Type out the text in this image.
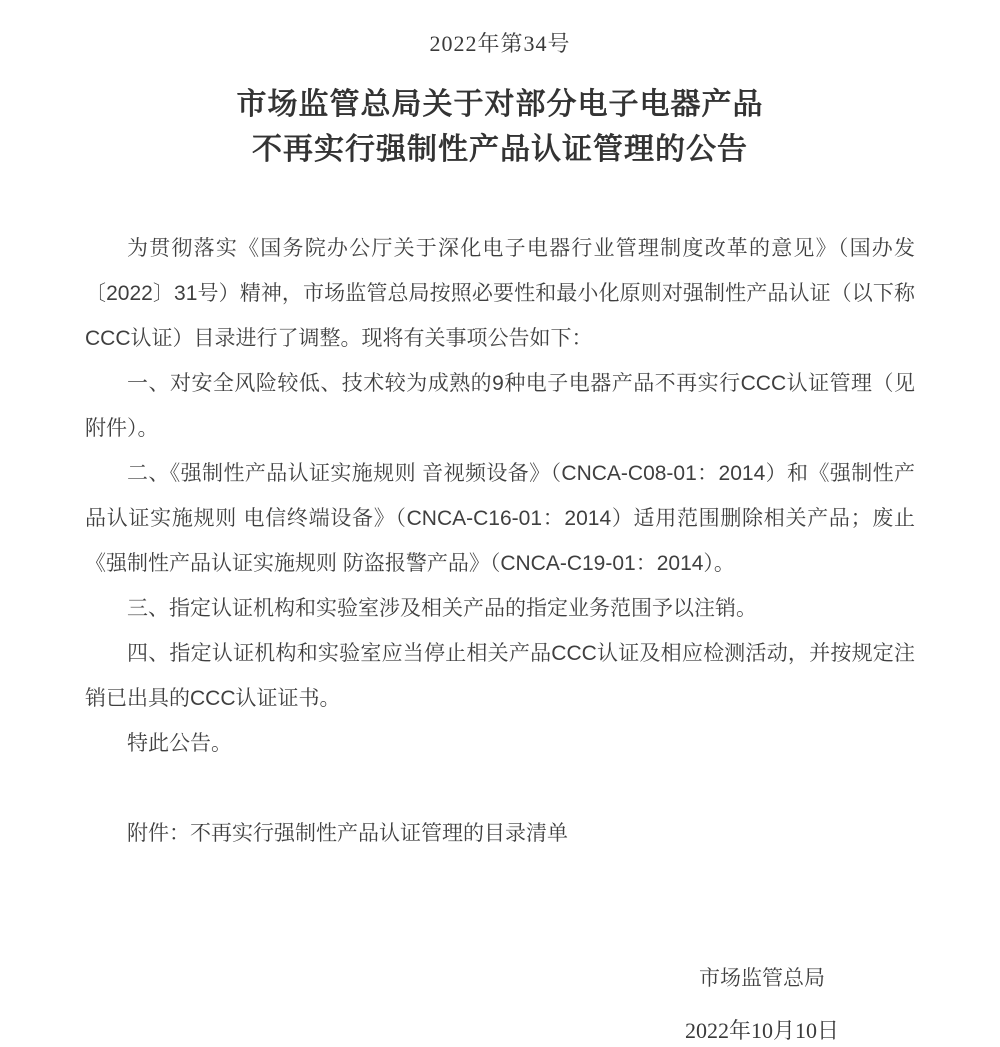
2022年第34号
市场监管总局关于对部分电子电器产品
不再实行强制性产品认证管理的公告

为贯彻落实《国务院办公厅关于深化电子电器行业管理制度改革的意见》（国办发〔2022〕31号）精神，市场监管总局按照必要性和最小化原则对强制性产品认证（以下称CCC认证）目录进行了调整。现将有关事项公告如下：

一、对安全风险较低、技术较为成熟的9种电子电器产品不再实行CCC认证管理（见附件）。

二、《强制性产品认证实施规则 音视频设备》（CNCA-C08-01：2014）和《强制性产品认证实施规则 电信终端设备》（CNCA-C16-01：2014）适用范围删除相关产品；废止《强制性产品认证实施规则 防盗报警产品》（CNCA-C19-01：2014）。

三、指定认证机构和实验室涉及相关产品的指定业务范围予以注销。

四、指定认证机构和实验室应当停止相关产品CCC认证及相应检测活动，并按规定注销已出具的CCC认证证书。

特此公告。

附件：不再实行强制性产品认证管理的目录清单
市场监管总局
2022年10月10日
